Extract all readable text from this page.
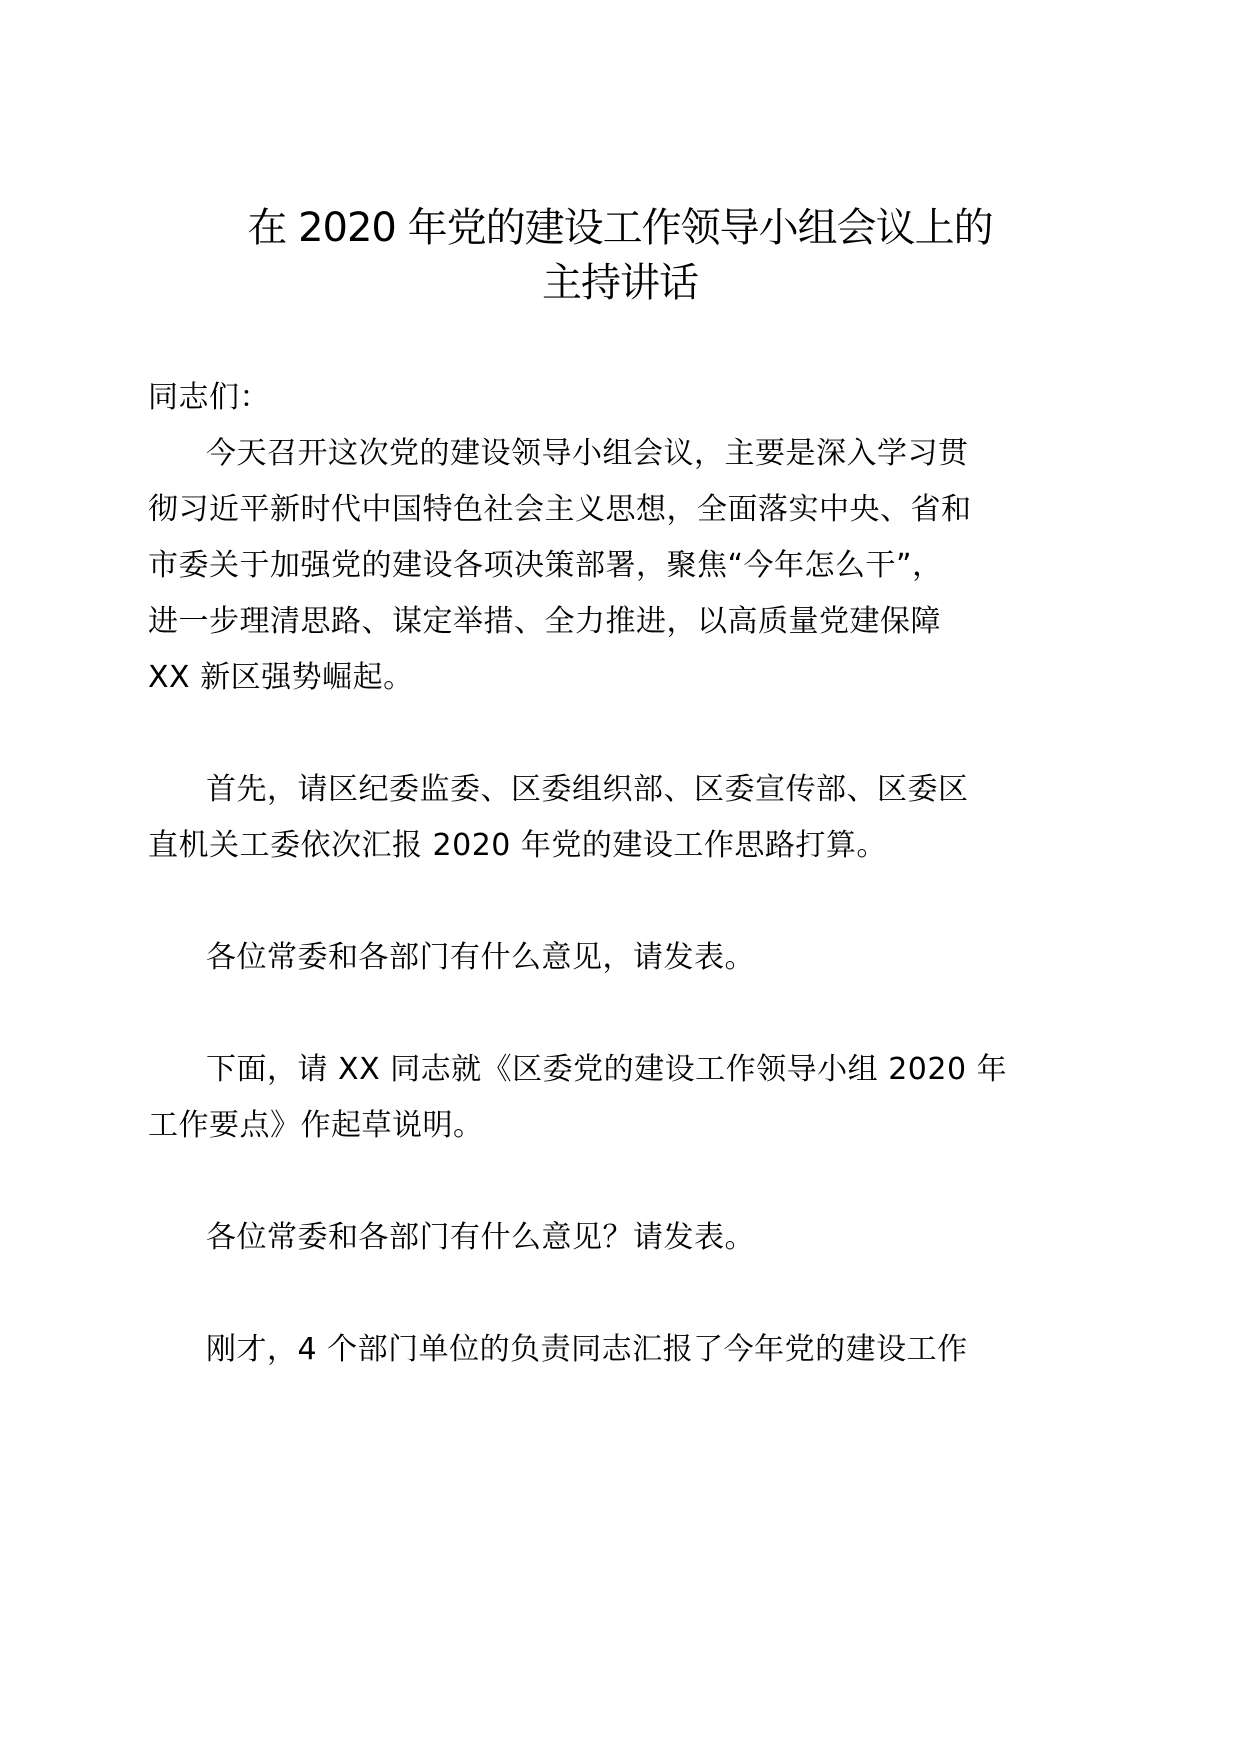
在 2020 年党的建设工作领导小组会议上的
主持讲话
同志们：
今天召开这次党的建设领导小组会议，主要是深入学习贯
彻习近平新时代中国特色社会主义思想，全面落实中央、省和
市委关于加强党的建设各项决策部署，聚焦“今年怎么干”，
进一步理清思路、谋定举措、全力推进，以高质量党建保障
XX 新区强势崛起。
首先，请区纪委监委、区委组织部、区委宣传部、区委区
直机关工委依次汇报 2020 年党的建设工作思路打算。
各位常委和各部门有什么意见，请发表。
下面，请 XX 同志就《区委党的建设工作领导小组 2020 年
工作要点》作起草说明。
各位常委和各部门有什么意见？请发表。
刚才，4 个部门单位的负责同志汇报了今年党的建设工作
